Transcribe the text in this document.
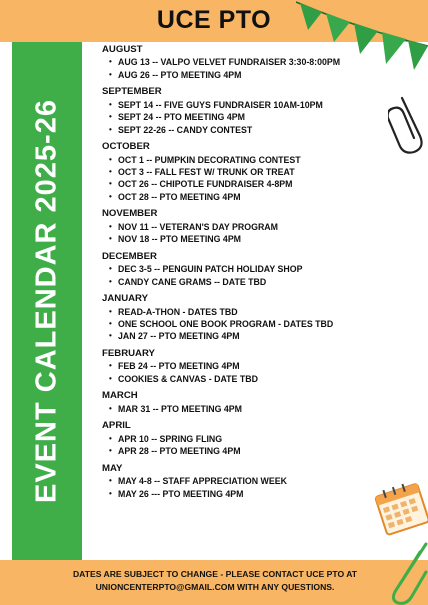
UCE PTO
EVENT CALENDAR 2025-26
AUGUST
• AUG 13 -- VALPO VELVET FUNDRAISER 3:30-8:00PM
• AUG 26 -- PTO MEETING 4PM
SEPTEMBER
• SEPT 14 -- FIVE GUYS FUNDRAISER 10AM-10PM
• SEPT 24 -- PTO MEETING 4PM
• SEPT 22-26 -- CANDY CONTEST
OCTOBER
• OCT 1 -- PUMPKIN DECORATING CONTEST
• OCT 3 -- FALL FEST W/ TRUNK OR TREAT
• OCT 26 -- CHIPOTLE FUNDRAISER 4-8PM
• OCT 28 -- PTO MEETING 4PM
NOVEMBER
• NOV 11 -- VETERAN'S DAY PROGRAM
• NOV 18 -- PTO MEETING 4PM
DECEMBER
• DEC 3-5 -- PENGUIN PATCH HOLIDAY SHOP
• CANDY CANE GRAMS -- DATE TBD
JANUARY
• READ-A-THON - DATES TBD
• ONE SCHOOL ONE BOOK PROGRAM - DATES TBD
• JAN 27 -- PTO MEETING 4PM
FEBRUARY
• FEB 24 -- PTO MEETING 4PM
• COOKIES & CANVAS - DATE TBD
MARCH
• MAR 31 -- PTO MEETING 4PM
APRIL
• APR 10 -- SPRING FLING
• APR 28 -- PTO MEETING 4PM
MAY
• MAY 4-8 -- STAFF APPRECIATION WEEK
• MAY 26 --- PTO MEETING 4PM
DATES ARE SUBJECT TO CHANGE - PLEASE CONTACT UCE PTO AT
UNIONCENTERPTO@GMAIL.COM WITH ANY QUESTIONS.
